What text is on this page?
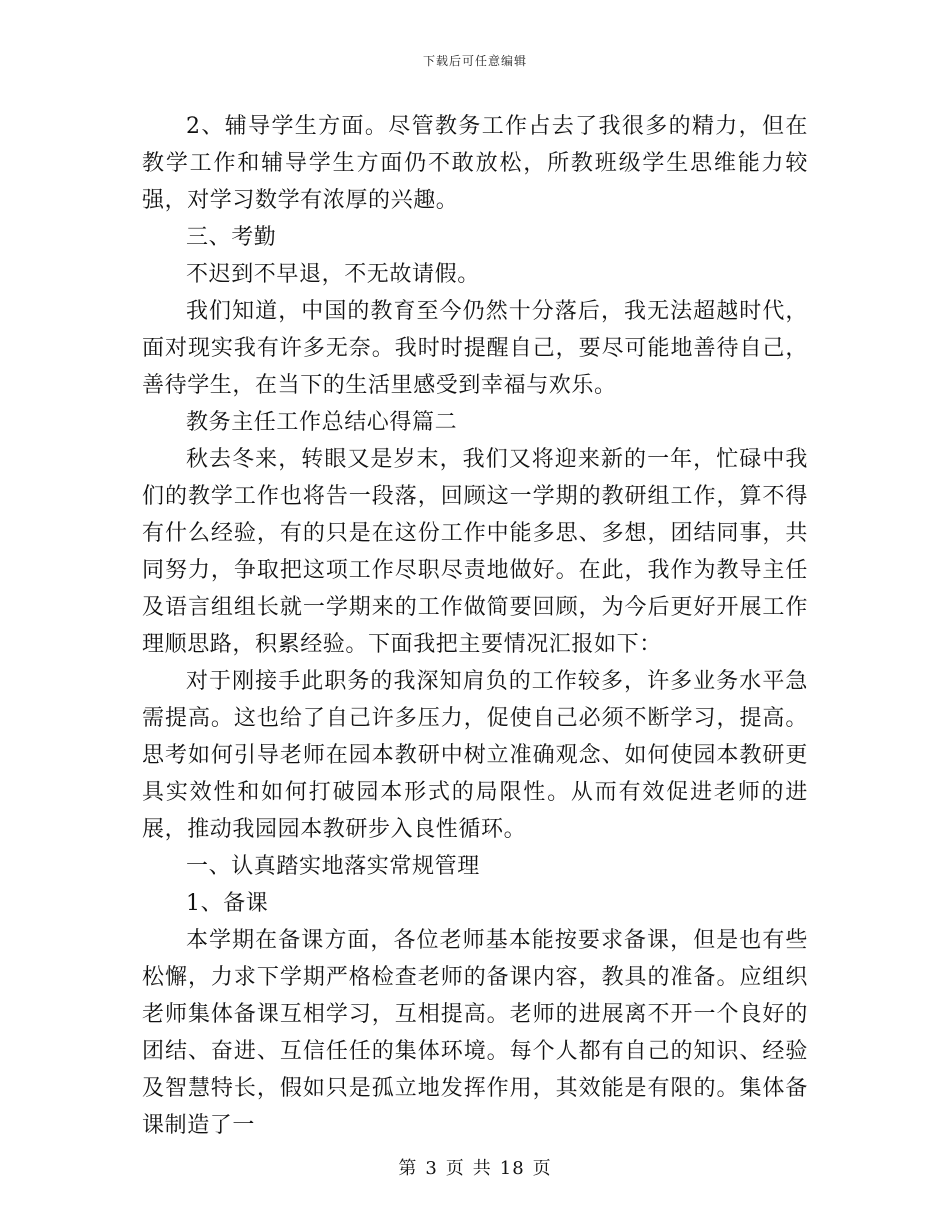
下载后可任意编辑

2、辅导学生方面。尽管教务工作占去了我很多的精力，但在教学工作和辅导学生方面仍不敢放松，所教班级学生思维能力较强，对学习数学有浓厚的兴趣。

三、考勤

不迟到不早退，不无故请假。

我们知道，中国的教育至今仍然十分落后，我无法超越时代，面对现实我有许多无奈。我时时提醒自己，要尽可能地善待自己，善待学生，在当下的生活里感受到幸福与欢乐。

教务主任工作总结心得篇二

秋去冬来，转眼又是岁末，我们又将迎来新的一年，忙碌中我们的教学工作也将告一段落，回顾这一学期的教研组工作，算不得有什么经验，有的只是在这份工作中能多思、多想，团结同事，共同努力，争取把这项工作尽职尽责地做好。在此，我作为教导主任及语言组组长就一学期来的工作做简要回顾，为今后更好开展工作理顺思路，积累经验。下面我把主要情况汇报如下：

对于刚接手此职务的我深知肩负的工作较多，许多业务水平急需提高。这也给了自己许多压力，促使自己必须不断学习，提高。思考如何引导老师在园本教研中树立准确观念、如何使园本教研更具实效性和如何打破园本形式的局限性。从而有效促进老师的进展，推动我园园本教研步入良性循环。

一、认真踏实地落实常规管理

1、备课

本学期在备课方面，各位老师基本能按要求备课，但是也有些松懈，力求下学期严格检查老师的备课内容，教具的准备。应组织老师集体备课互相学习，互相提高。老师的进展离不开一个良好的团结、奋进、互信任任的集体环境。每个人都有自己的知识、经验及智慧特长，假如只是孤立地发挥作用，其效能是有限的。集体备课制造了一

第 3 页 共 18 页
